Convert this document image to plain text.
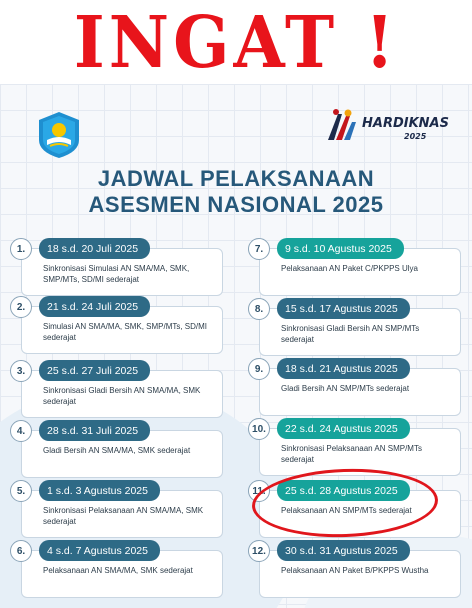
INGAT !
HARDIKNAS
2025
JADWAL PELAKSANAAN
ASESMEN NASIONAL 2025
18 s.d. 20 Juli 2025
1.
Sinkronisasi Simulasi AN SMA/MA, SMK, SMP/MTs, SD/MI sederajat
21 s.d. 24 Juli 2025
2.
Simulasi AN SMA/MA, SMK, SMP/MTs, SD/MI sederajat
25 s.d. 27 Juli 2025
3.
Sinkronisasi Gladi Bersih AN SMA/MA, SMK sederajat
28 s.d. 31 Juli 2025
4.
Gladi Bersih AN SMA/MA, SMK sederajat
1 s.d. 3 Agustus 2025
5.
Sinkronisasi Pelaksanaan AN SMA/MA, SMK sederajat
4 s.d. 7 Agustus 2025
6.
Pelaksanaan AN SMA/MA, SMK sederajat
9 s.d. 10 Agustus 2025
7.
Pelaksanaan AN Paket C/PKPPS Ulya
15 s.d. 17 Agustus 2025
8.
Sinkronisasi Gladi Bersih AN SMP/MTs sederajat
18 s.d. 21 Agustus 2025
9.
Gladi Bersih AN SMP/MTs sederajat
22 s.d. 24 Agustus 2025
10.
Sinkronisasi Pelaksanaan AN SMP/MTs sederajat
25 s.d. 28 Agustus 2025
11.
Pelaksanaan AN SMP/MTs sederajat
30 s.d. 31 Agustus 2025
12.
Pelaksanaan AN Paket B/PKPPS Wustha
